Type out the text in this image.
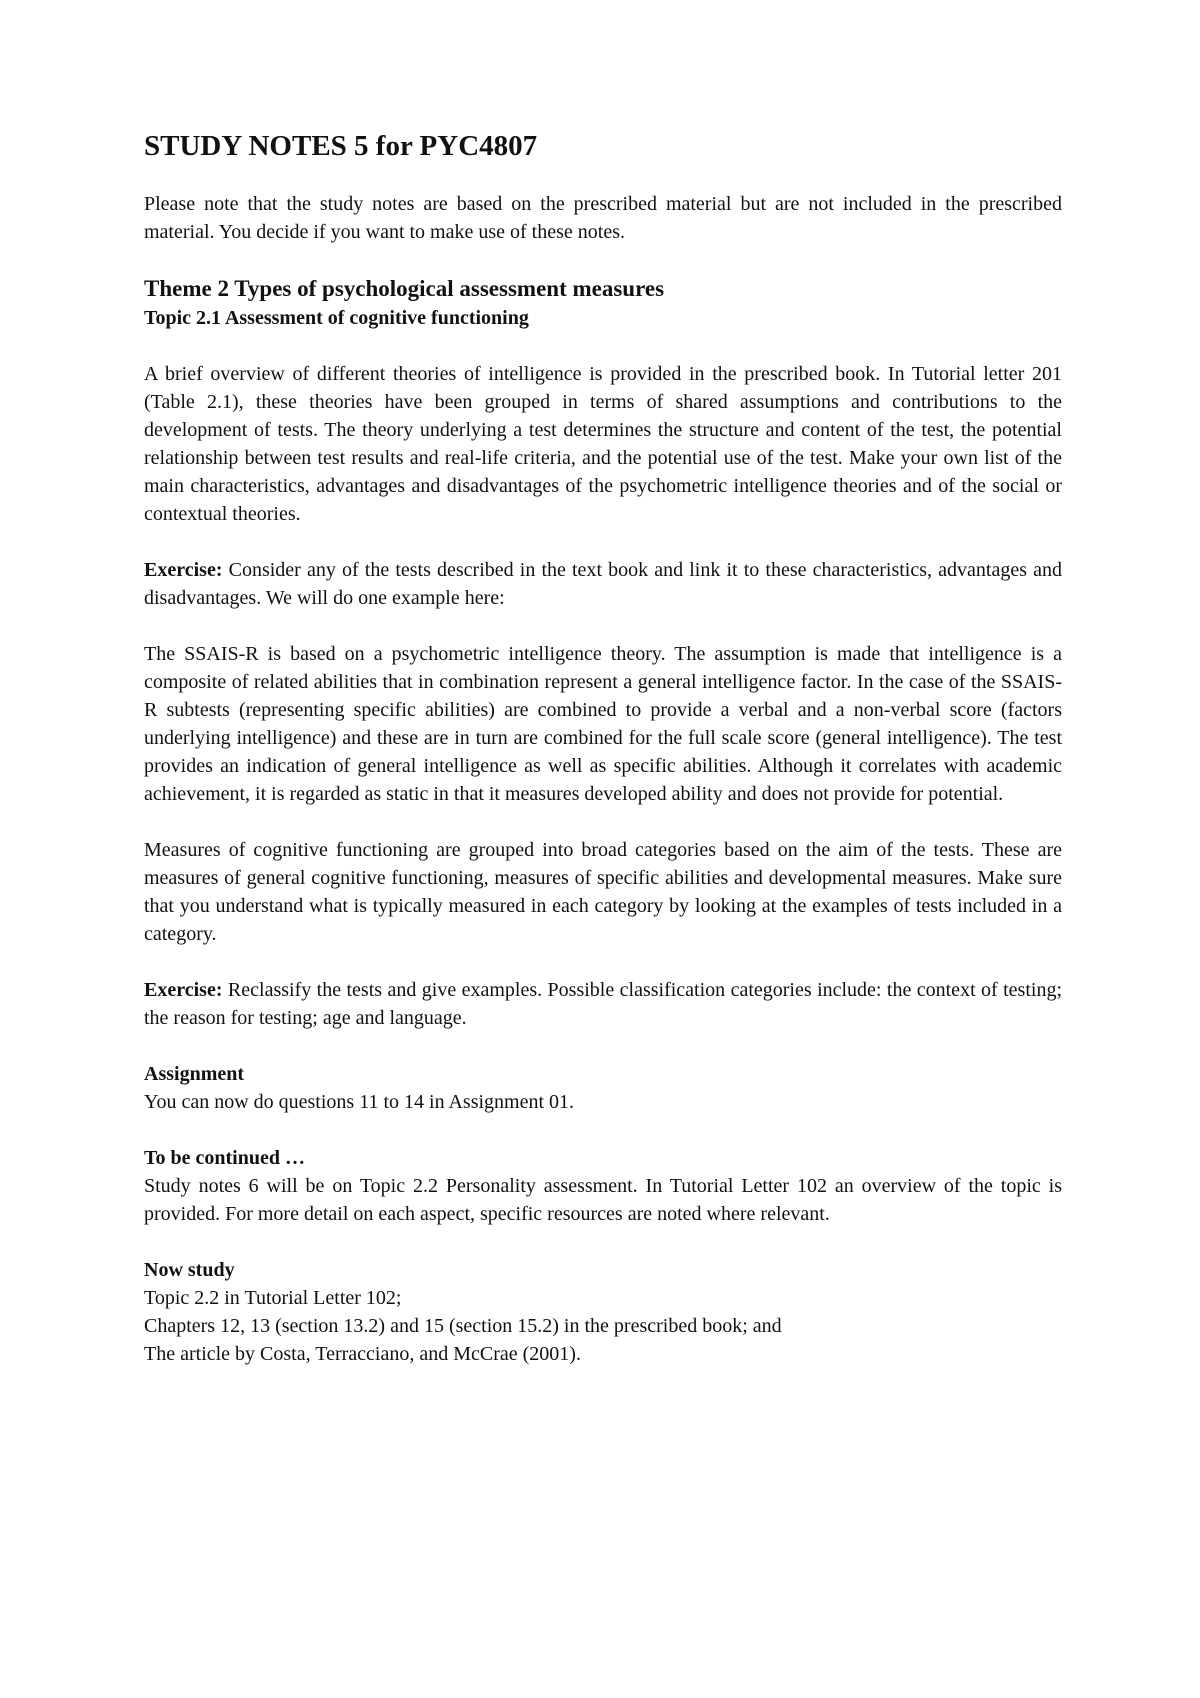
STUDY NOTES 5 for PYC4807

Please note that the study notes are based on the prescribed material but are not included in the prescribed material. You decide if you want to make use of these notes.

Theme 2 Types of psychological assessment measures
Topic 2.1 Assessment of cognitive functioning

A brief overview of different theories of intelligence is provided in the prescribed book. In Tutorial letter 201 (Table 2.1), these theories have been grouped in terms of shared assumptions and contributions to the development of tests. The theory underlying a test determines the structure and content of the test, the potential relationship between test results and real-life criteria, and the potential use of the test. Make your own list of the main characteristics, advantages and disadvantages of the psychometric intelligence theories and of the social or contextual theories.

Exercise: Consider any of the tests described in the text book and link it to these characteristics, advantages and disadvantages. We will do one example here:

The SSAIS-R is based on a psychometric intelligence theory. The assumption is made that intelligence is a composite of related abilities that in combination represent a general intelligence factor. In the case of the SSAIS-R subtests (representing specific abilities) are combined to provide a verbal and a non-verbal score (factors underlying intelligence) and these are in turn are combined for the full scale score (general intelligence). The test provides an indication of general intelligence as well as specific abilities. Although it correlates with academic achievement, it is regarded as static in that it measures developed ability and does not provide for potential.

Measures of cognitive functioning are grouped into broad categories based on the aim of the tests. These are measures of general cognitive functioning, measures of specific abilities and developmental measures. Make sure that you understand what is typically measured in each category by looking at the examples of tests included in a category.

Exercise: Reclassify the tests and give examples. Possible classification categories include: the context of testing; the reason for testing; age and language.

Assignment

You can now do questions 11 to 14 in Assignment 01.

To be continued …

Study notes 6 will be on Topic 2.2 Personality assessment. In Tutorial Letter 102 an overview of the topic is provided. For more detail on each aspect, specific resources are noted where relevant.

Now study

Topic 2.2 in Tutorial Letter 102;

Chapters 12, 13 (section 13.2) and 15 (section 15.2) in the prescribed book; and

The article by Costa, Terracciano, and McCrae (2001).
